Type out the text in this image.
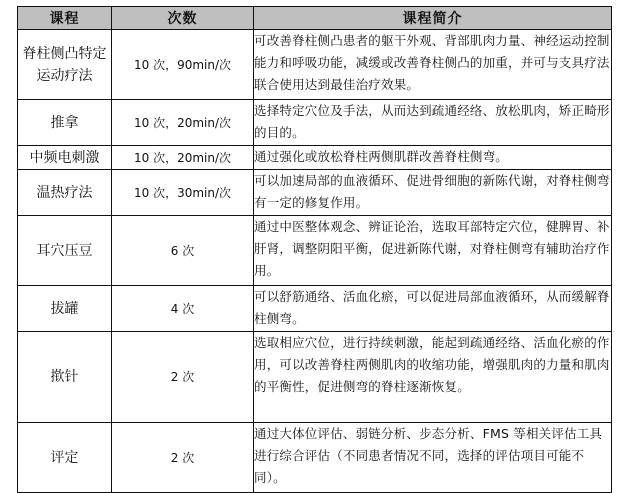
课程	次数	课程简介
脊柱侧凸特定运动疗法	10 次，90min/次	可改善脊柱侧凸患者的躯干外观、背部肌肉力量、神经运动控制能力和呼吸功能，减缓或改善脊柱侧凸的加重，并可与支具疗法联合使用达到最佳治疗效果。
推拿	10 次，20min/次	选择特定穴位及手法，从而达到疏通经络、放松肌肉，矫正畸形的目的。
中频电刺激	10 次，20min/次	通过强化或放松脊柱两侧肌群改善脊柱侧弯。
温热疗法	10 次，30min/次	可以加速局部的血液循环、促进骨细胞的新陈代谢，对脊柱侧弯有一定的修复作用。
耳穴压豆	6 次	通过中医整体观念、辨证论治，选取耳部特定穴位，健脾胃、补肝肾，调整阴阳平衡，促进新陈代谢，对脊柱侧弯有辅助治疗作用。
拔罐	4 次	可以舒筋通络、活血化瘀，可以促进局部血液循环，从而缓解脊柱侧弯。
揿针	2 次	选取相应穴位，进行持续刺激，能起到疏通经络、活血化瘀的作用，可以改善脊柱两侧肌肉的收缩功能，增强肌肉的力量和肌肉的平衡性，促进侧弯的脊柱逐渐恢复。
评定	2 次	通过大体位评估、弱链分析、步态分析、FMS 等相关评估工具进行综合评估（不同患者情况不同，选择的评估项目可能不同）。
